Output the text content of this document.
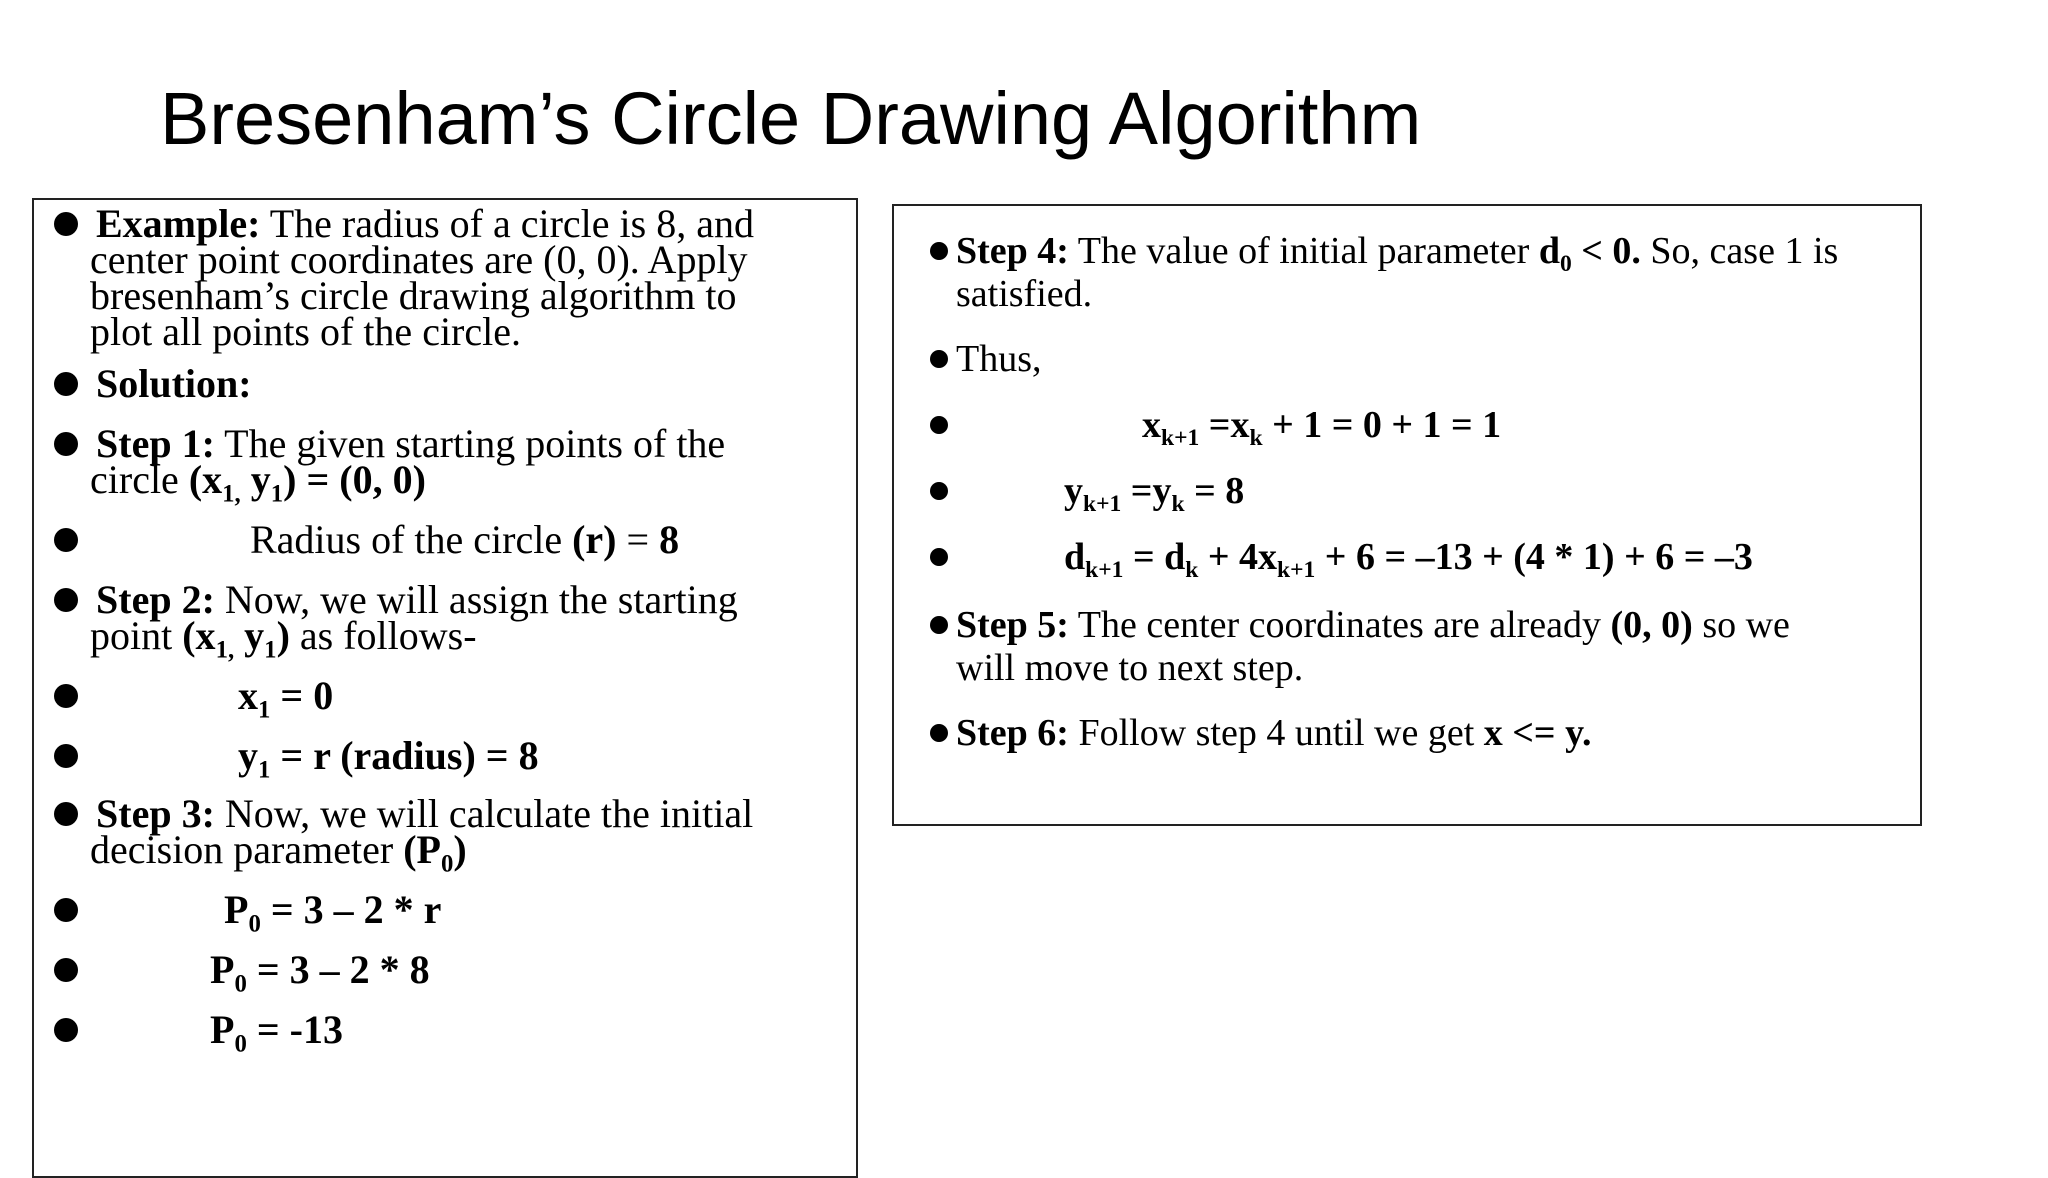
Bresenham’s Circle Drawing Algorithm
Example: The radius of a circle is 8, and
center point coordinates are (0, 0). Apply
bresenham’s circle drawing algorithm to
plot all points of the circle.
Solution:
Step 1: The given starting points of the
circle ($x_{1,}$ $y_1) = (0$, 0)
Radius of the circle (r) = 8
Step 2: Now, we will assign the starting
point ($x_{1,}$ $y_1$) as follows-
$x_1 = 0$
$y_1 = r$ (radius) = 8
Step 3: Now, we will calculate the initial
decision parameter $(P_0)$
$P_0 = 3 - 2 * r$
$P_0 = 3 - 2 * 8$
$P_0 = -13$
Step 4: The value of initial parameter $d_0 < 0$. So, case 1 is
satisfied.
Thus,
$x_{k+1} =x_k + 1 = 0 + 1 = 1$
$y_{k+1} =y_k = 8$
$d_{k+1} = d_k + 4x_{k+1} + 6 = -13 + (4 * 1) + 6 = -3$
Step 5: The center coordinates are already (0, 0) so we
will move to next step.
Step 6: Follow step 4 until we get x <= y.
